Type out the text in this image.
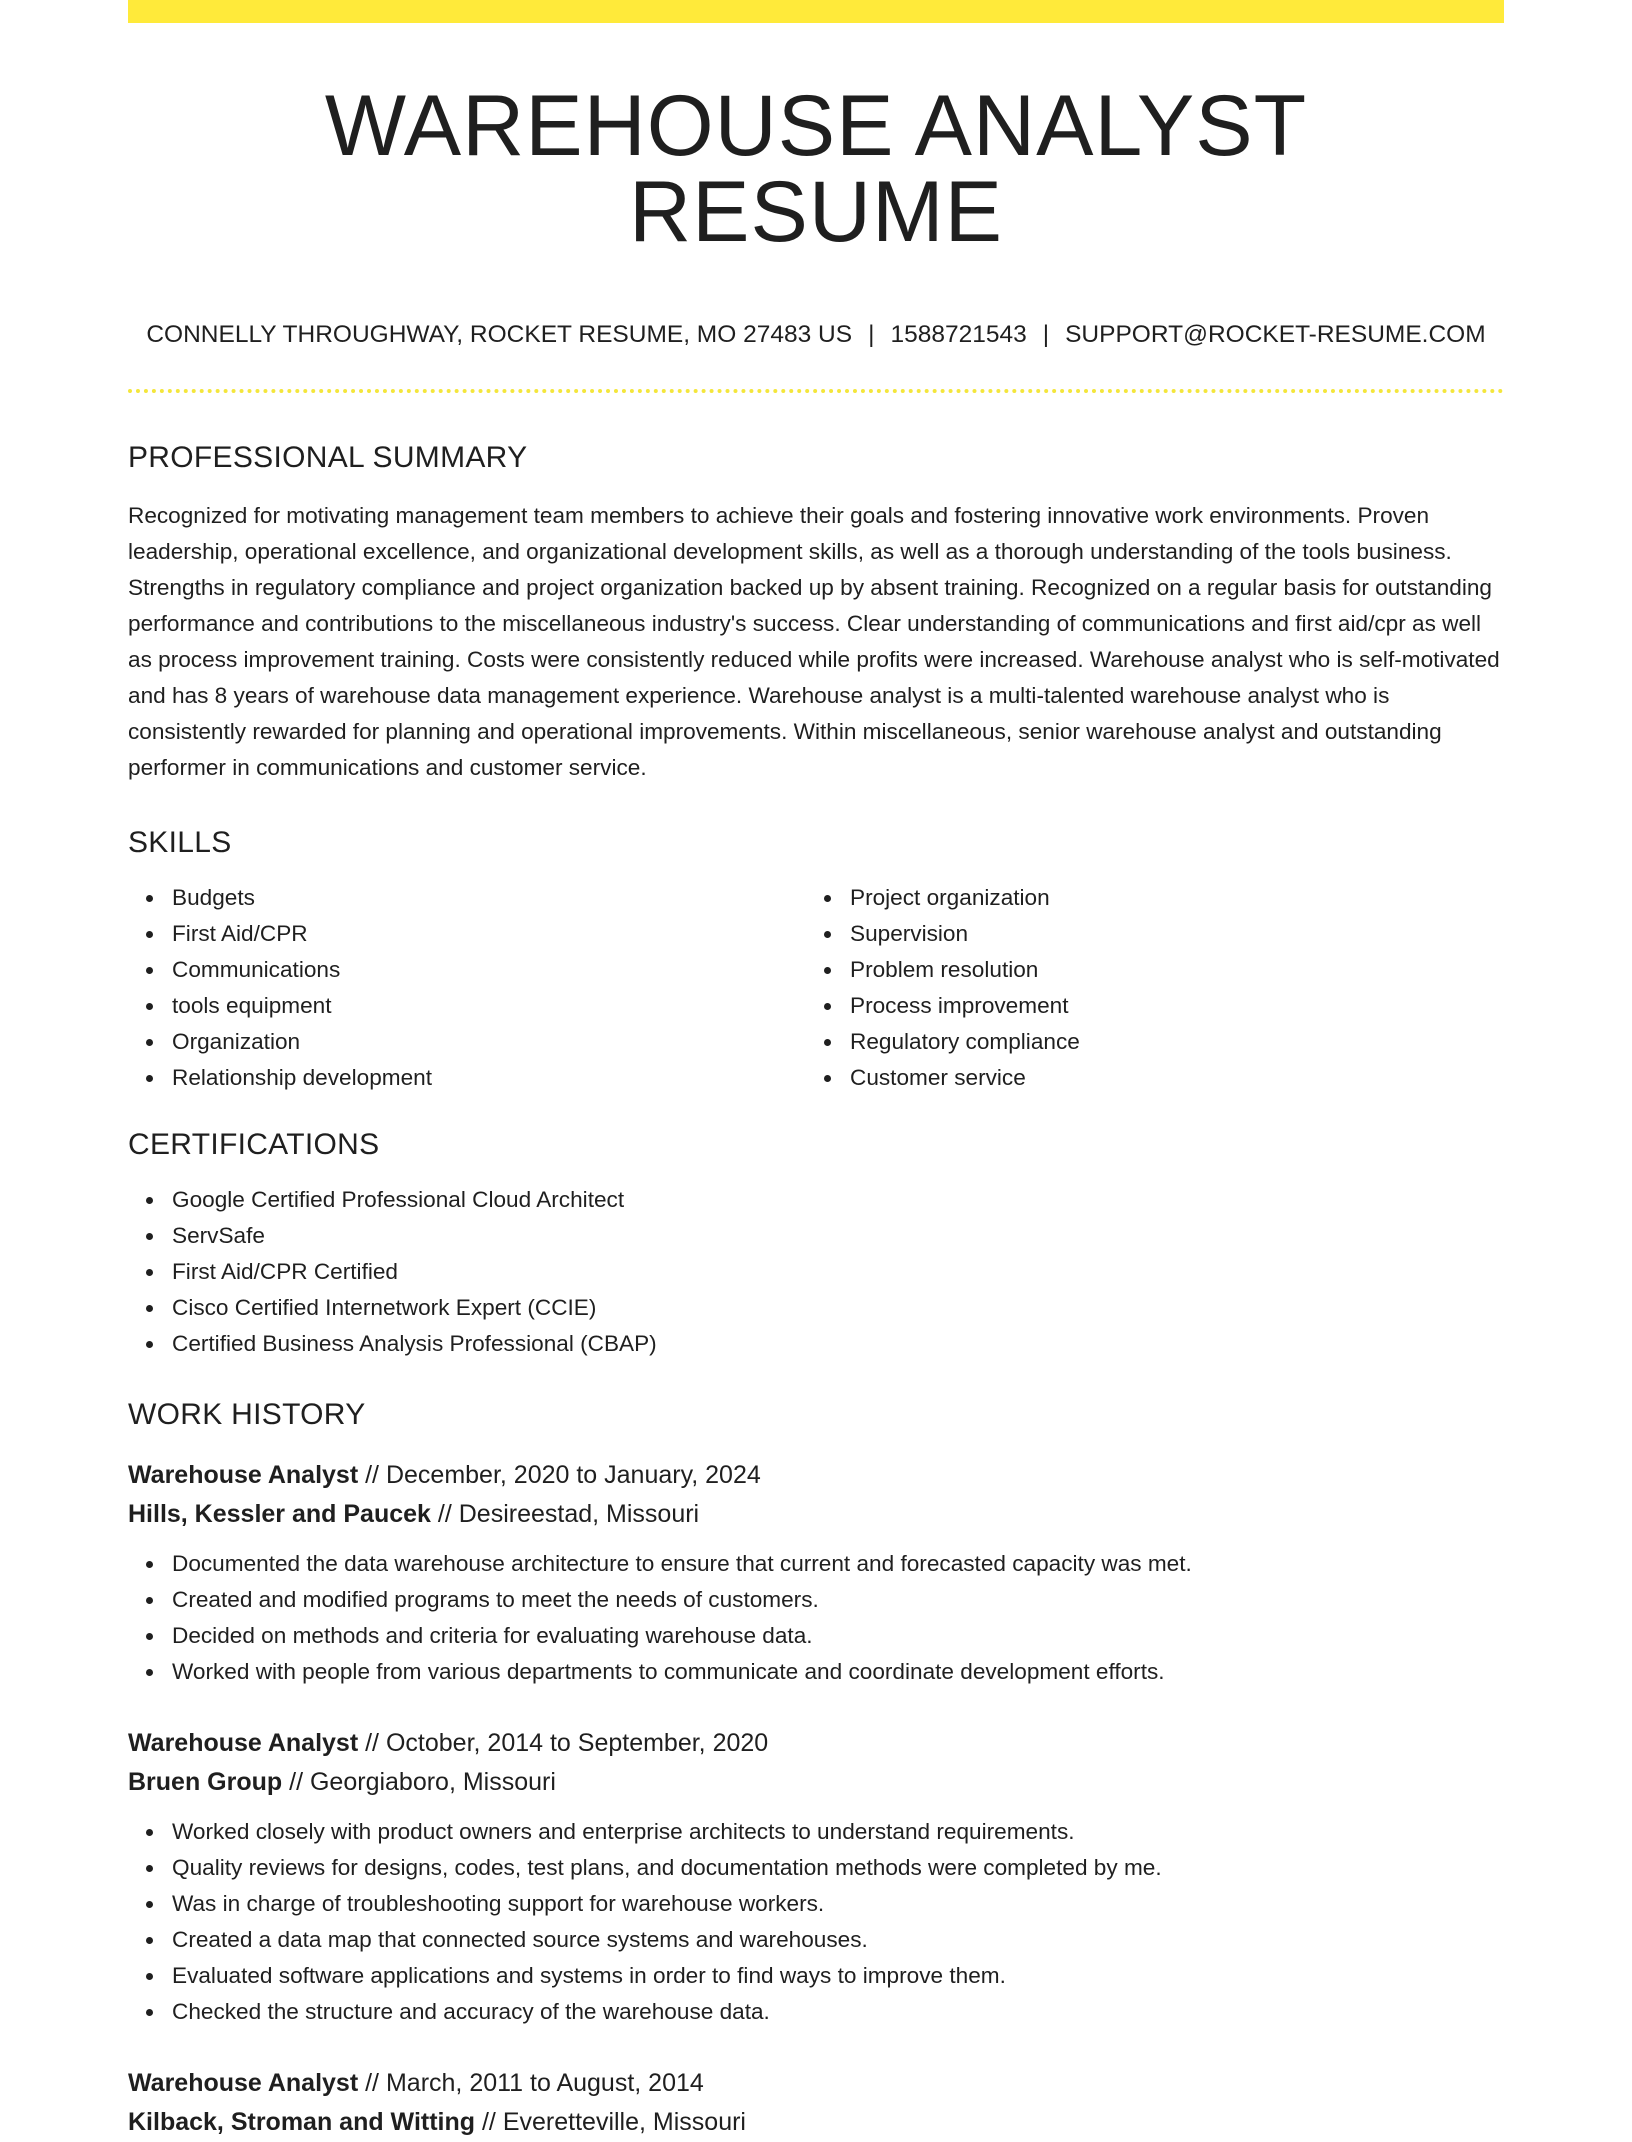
WAREHOUSE ANALYST RESUME
CONNELLY THROUGHWAY, ROCKET RESUME, MO 27483 US | 1588721543 | SUPPORT@ROCKET-RESUME.COM
PROFESSIONAL SUMMARY

Recognized for motivating management team members to achieve their goals and fostering innovative work environments. Proven leadership, operational excellence, and organizational development skills, as well as a thorough understanding of the tools business. Strengths in regulatory compliance and project organization backed up by absent training. Recognized on a regular basis for outstanding performance and contributions to the miscellaneous industry's success. Clear understanding of communications and first aid/cpr as well as process improvement training. Costs were consistently reduced while profits were increased. Warehouse analyst who is self-motivated and has 8 years of warehouse data management experience. Warehouse analyst is a multi-talented warehouse analyst who is consistently rewarded for planning and operational improvements. Within miscellaneous, senior warehouse analyst and outstanding performer in communications and customer service.

SKILLS
Budgets
First Aid/CPR
Communications
tools equipment
Organization
Relationship development
Project organization
Supervision
Problem resolution
Process improvement
Regulatory compliance
Customer service
CERTIFICATIONS
Google Certified Professional Cloud Architect
ServSafe
First Aid/CPR Certified
Cisco Certified Internetwork Expert (CCIE)
Certified Business Analysis Professional (CBAP)
WORK HISTORY
Warehouse Analyst // December, 2020 to January, 2024
Hills, Kessler and Paucek // Desireestad, Missouri
Documented the data warehouse architecture to ensure that current and forecasted capacity was met.
Created and modified programs to meet the needs of customers.
Decided on methods and criteria for evaluating warehouse data.
Worked with people from various departments to communicate and coordinate development efforts.
Warehouse Analyst // October, 2014 to September, 2020
Bruen Group // Georgiaboro, Missouri
Worked closely with product owners and enterprise architects to understand requirements.
Quality reviews for designs, codes, test plans, and documentation methods were completed by me.
Was in charge of troubleshooting support for warehouse workers.
Created a data map that connected source systems and warehouses.
Evaluated software applications and systems in order to find ways to improve them.
Checked the structure and accuracy of the warehouse data.
Warehouse Analyst // March, 2011 to August, 2014
Kilback, Stroman and Witting // Everetteville, Missouri
